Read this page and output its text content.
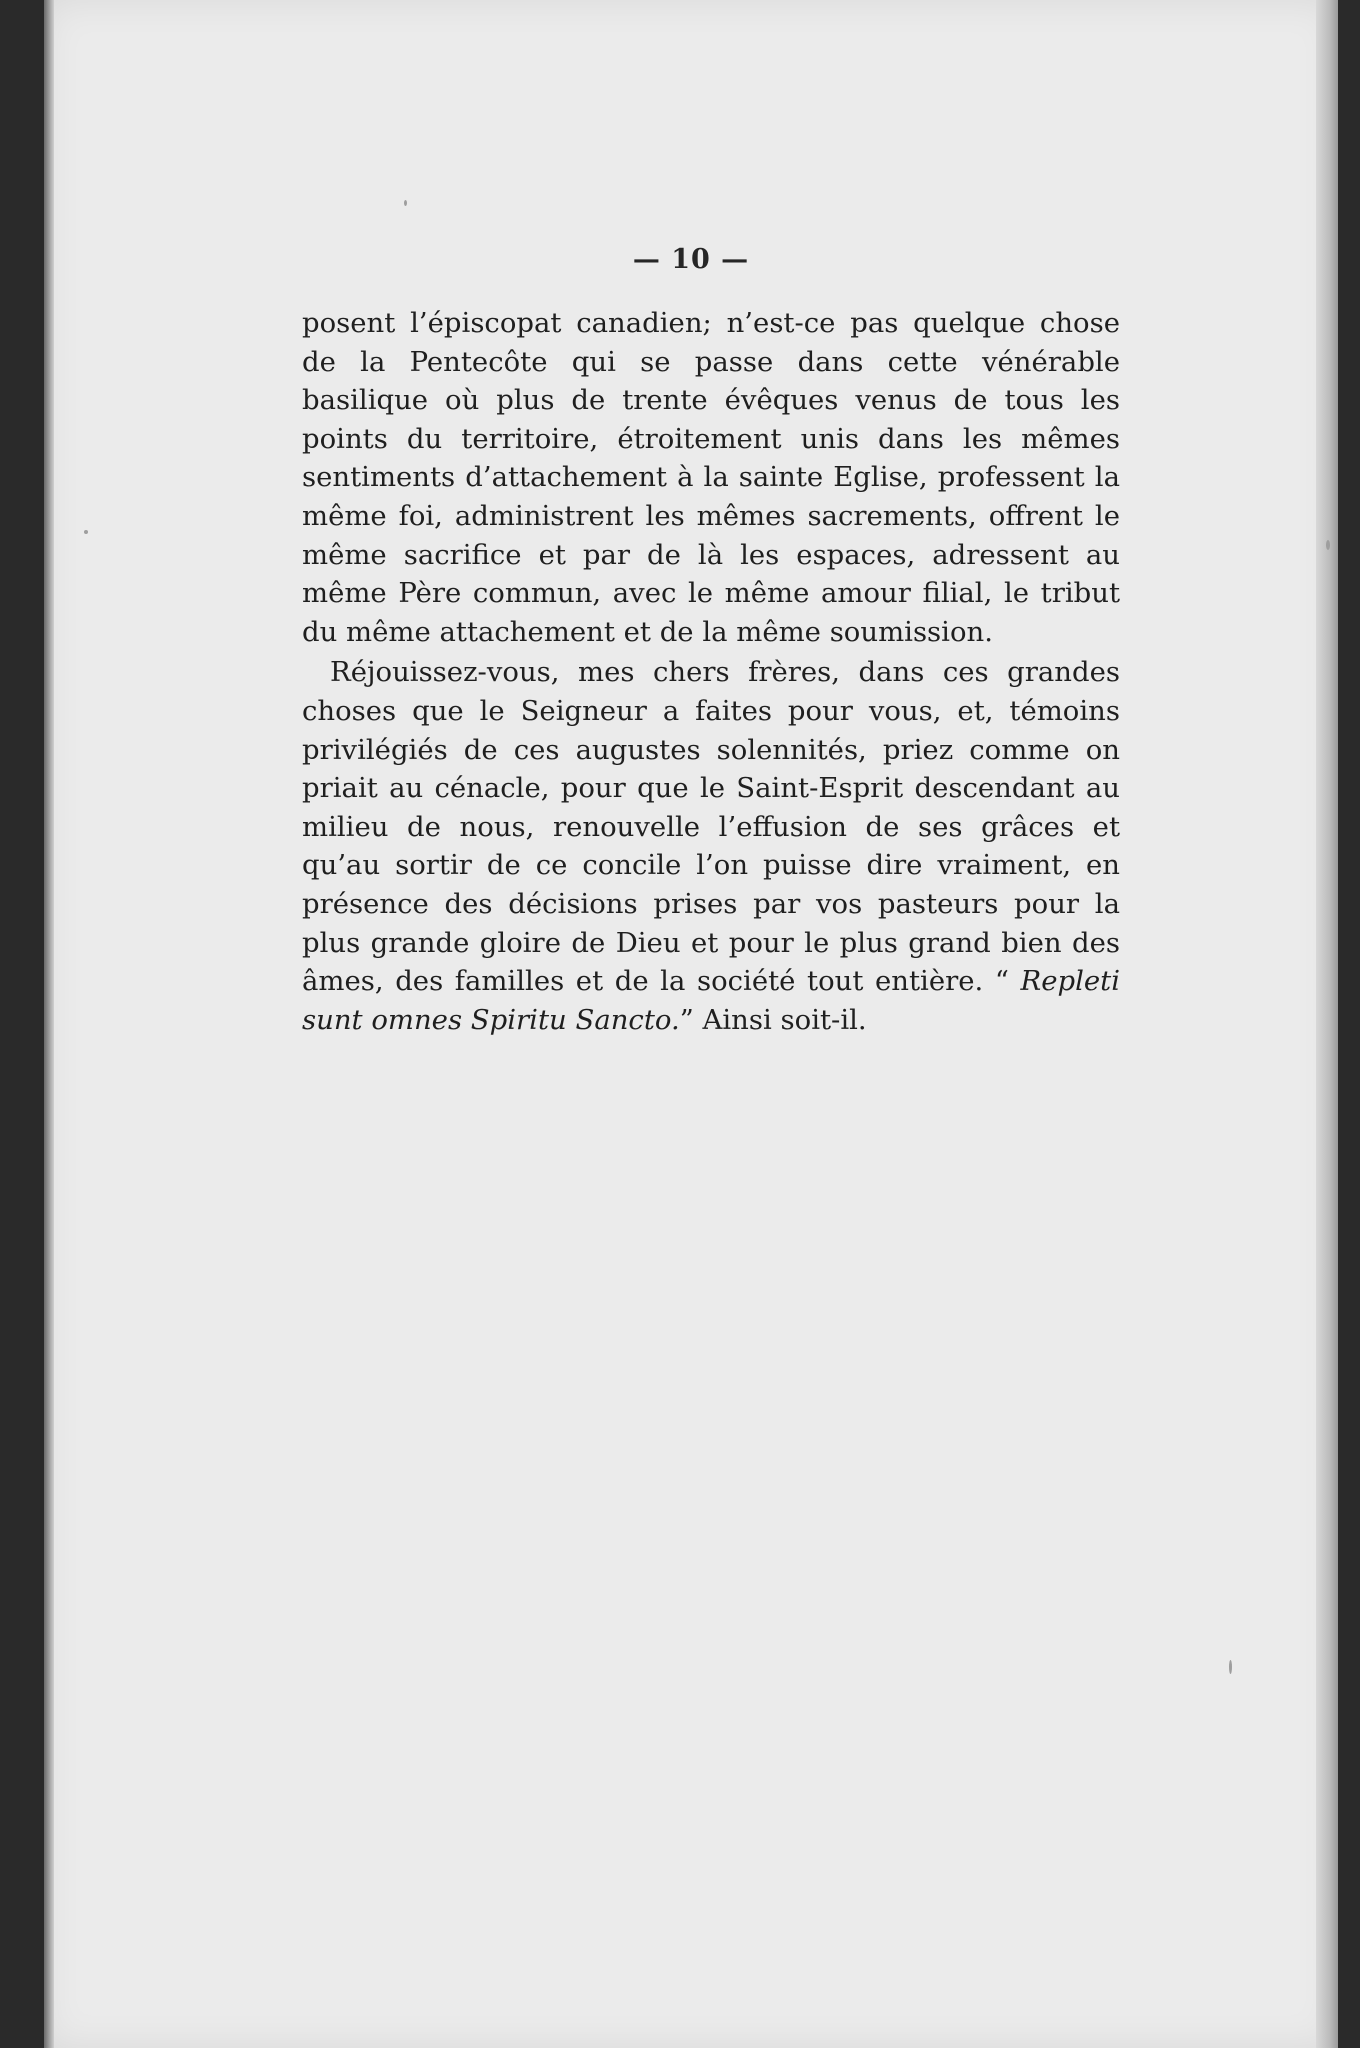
— 10 —

posent l’épiscopat canadien; n’est-ce pas quelque chose de la Pentecôte qui se passe dans cette vénérable basilique où plus de trente évêques venus de tous les points du territoire, étroitement unis dans les mêmes sentiments d’attachement à la sainte Eglise, professent la même foi, administrent les mêmes sacrements, offrent le même sacrifice et par de là les espaces, adressent au même Père commun, avec le même amour filial, le tribut du même attachement et de la même soumission.

Réjouissez-vous, mes chers frères, dans ces grandes choses que le Seigneur a faites pour vous, et, témoins privilégiés de ces augustes solennités, priez comme on priait au cénacle, pour que le Saint-Esprit descendant au milieu de nous, renouvelle l’effusion de ses grâces et qu’au sortir de ce concile l’on puisse dire vraiment, en présence des décisions prises par vos pasteurs pour la plus grande gloire de Dieu et pour le plus grand bien des âmes, des familles et de la société tout entière. “ Repleti sunt omnes Spiritu Sancto.” Ainsi soit-il.
